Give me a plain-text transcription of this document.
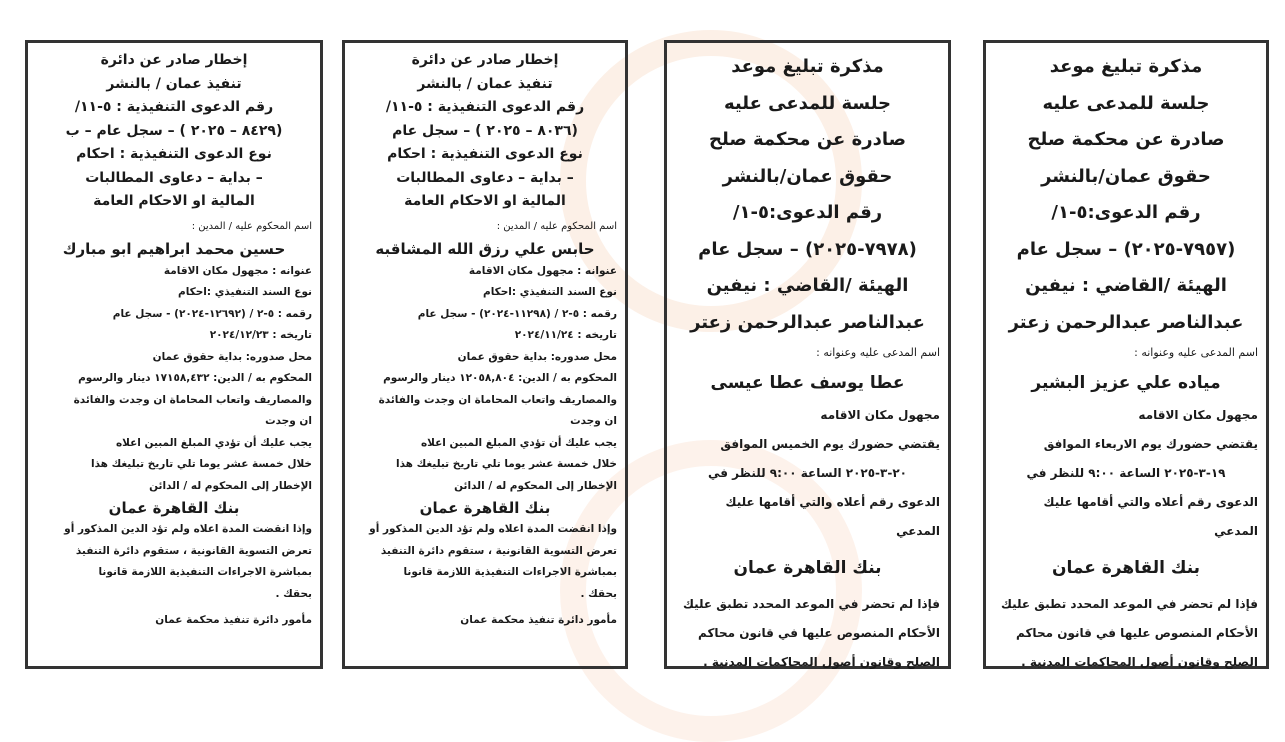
إخطار صادر عن دائرة
تنفيذ عمان / بالنشر
رقم الدعوى التنفيذية : ٥-١١/
(٨٤٢٩ – ٢٠٢٥ ) – سجل عام – ب
نوع الدعوى التنفيذية : احكام
– بداية – دعاوى المطالبات
المالية او الاحكام العامة
اسم المحكوم عليه / المدين :
حسين محمد ابراهيم ابو مبارك
عنوانه : مجهول مكان الاقامة
نوع السند التنفيذي :احكام
رقمه : ٥-٢ / (١٢٦٩٢-٢٠٢٤) - سجل عام
تاريخه : ٢٠٢٤/١٢/٢٣
محل صدوره: بداية حقوق عمان
المحكوم به / الدين: ١٧١٥٨,٤٣٢ دينار والرسوم
والمصاريف واتعاب المحاماة ان وجدت والفائدة
ان وجدت
يجب عليك أن تؤدي المبلغ المبين اعلاه
خلال خمسة عشر يوما تلي تاريخ تبليغك هذا
الإخطار إلى المحكوم له / الدائن
بنك القاهرة عمان
وإذا انقضت المدة اعلاه ولم تؤد الدين المذكور أو
تعرض التسوية القانونية ، ستقوم دائرة التنفيذ
بمباشرة الاجراءات التنفيذية اللازمة قانونا
بحقك .
مأمور دائرة تنفيذ محكمة عمان
إخطار صادر عن دائرة
تنفيذ عمان / بالنشر
رقم الدعوى التنفيذية : ٥-١١/
(٨٠٣٦ – ٢٠٢٥ ) – سجل عام
نوع الدعوى التنفيذية : احكام
– بداية – دعاوى المطالبات
المالية او الاحكام العامة
اسم المحكوم عليه / المدين :
حابس علي رزق الله المشاقبه
عنوانه : مجهول مكان الاقامة
نوع السند التنفيذي :احكام
رقمه : ٥-٢ / (١١٢٩٨-٢٠٢٤) - سجل عام
تاريخه : ٢٠٢٤/١١/٢٤
محل صدوره: بداية حقوق عمان
المحكوم به / الدين: ١٢٠٥٨,٨٠٤ دينار والرسوم
والمصاريف واتعاب المحاماة ان وجدت والفائدة
ان وجدت
يجب عليك أن تؤدي المبلغ المبين اعلاه
خلال خمسة عشر يوما تلي تاريخ تبليغك هذا
الإخطار إلى المحكوم له / الدائن
بنك القاهرة عمان
وإذا انقضت المدة اعلاه ولم تؤد الدين المذكور أو
تعرض التسوية القانونية ، ستقوم دائرة التنفيذ
بمباشرة الاجراءات التنفيذية اللازمة قانونا
بحقك .
مأمور دائرة تنفيذ محكمة عمان
مذكرة تبليغ موعد
جلسة للمدعى عليه
صادرة عن محكمة صلح
حقوق عمان/بالنشر
رقم الدعوى:٥-١/
(٧٩٧٨-٢٠٢٥) – سجل عام
الهيئة /القاضي : نيفين
عبدالناصر عبدالرحمن زعتر
اسم المدعى عليه وعنوانه :
عطا يوسف عطا عيسى
مجهول مكان الاقامه
يقتضي حضورك يوم الخميس الموافق
٢٠-٣-٢٠٢٥ الساعة ٩:٠٠ للنظر في
الدعوى رقم أعلاه والتي أقامها عليك
المدعي
بنك القاهرة عمان
فإذا لم تحضر في الموعد المحدد تطبق عليك
الأحكام المنصوص عليها في قانون محاكم
الصلح وقانون أصول المحاكمات المدنية .
مذكرة تبليغ موعد
جلسة للمدعى عليه
صادرة عن محكمة صلح
حقوق عمان/بالنشر
رقم الدعوى:٥-١/
(٧٩٥٧-٢٠٢٥) – سجل عام
الهيئة /القاضي : نيفين
عبدالناصر عبدالرحمن زعتر
اسم المدعى عليه وعنوانه :
مياده علي عزيز البشير
مجهول مكان الاقامه
يقتضي حضورك يوم الاربعاء الموافق
١٩-٣-٢٠٢٥ الساعة ٩:٠٠ للنظر في
الدعوى رقم أعلاه والتي أقامها عليك
المدعي
بنك القاهرة عمان
فإذا لم تحضر في الموعد المحدد تطبق عليك
الأحكام المنصوص عليها في قانون محاكم
الصلح وقانون أصول المحاكمات المدنية .
